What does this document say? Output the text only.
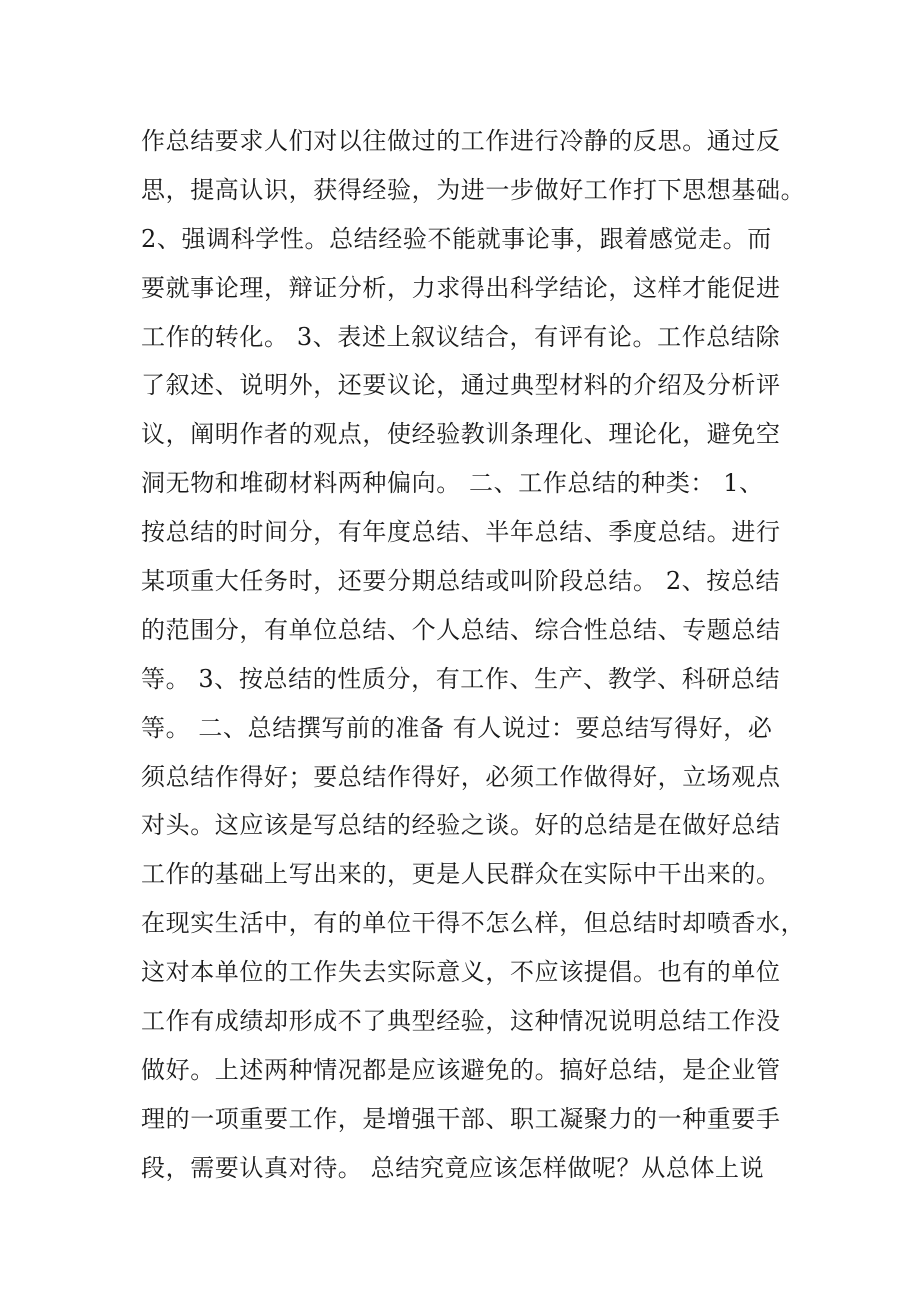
作总结要求人们对以往做过的工作进行冷静的反思。通过反
思，提高认识，获得经验，为进一步做好工作打下思想基础。
2、强调科学性。总结经验不能就事论事，跟着感觉走。而
要就事论理，辩证分析，力求得出科学结论，这样才能促进
工作的转化。 3、表述上叙议结合，有评有论。工作总结除
了叙述、说明外，还要议论，通过典型材料的介绍及分析评
议，阐明作者的观点，使经验教训条理化、理论化，避免空
洞无物和堆砌材料两种偏向。 二、工作总结的种类： 1、
按总结的时间分，有年度总结、半年总结、季度总结。进行
某项重大任务时，还要分期总结或叫阶段总结。 2、按总结
的范围分，有单位总结、个人总结、综合性总结、专题总结
等。 3、按总结的性质分，有工作、生产、教学、科研总结
等。 二、总结撰写前的准备 有人说过：要总结写得好，必
须总结作得好；要总结作得好，必须工作做得好，立场观点
对头。这应该是写总结的经验之谈。好的总结是在做好总结
工作的基础上写出来的，更是人民群众在实际中干出来的。
在现实生活中，有的单位干得不怎么样，但总结时却喷香水，
这对本单位的工作失去实际意义，不应该提倡。也有的单位
工作有成绩却形成不了典型经验，这种情况说明总结工作没
做好。上述两种情况都是应该避免的。搞好总结，是企业管
理的一项重要工作，是增强干部、职工凝聚力的一种重要手
段，需要认真对待。 总结究竟应该怎样做呢？从总体上说
